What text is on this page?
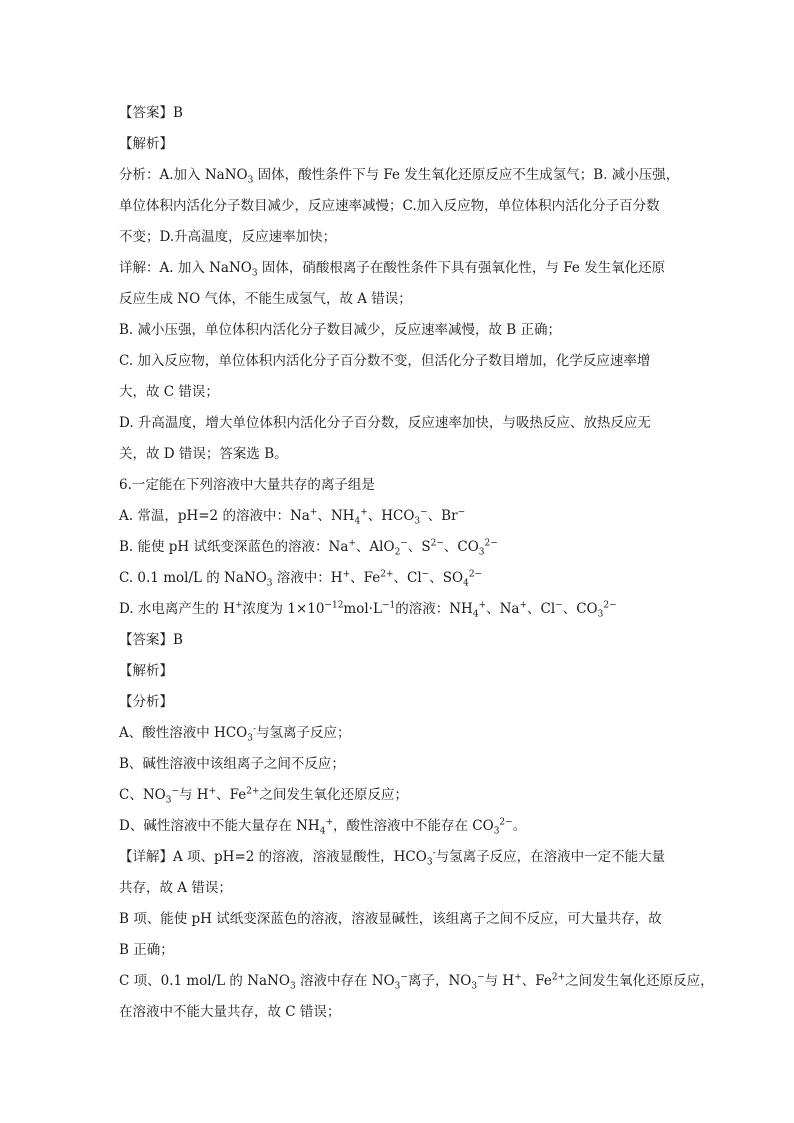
【答案】B
【解析】
分析：A.加入 NaNO$_3$ 固体，酸性条件下与 Fe 发生氧化还原反应不生成氢气；B. 减小压强，
单位体积内活化分子数目减少，反应速率减慢；C.加入反应物，单位体积内活化分子百分数
不变；D.升高温度，反应速率加快；
详解：A. 加入 NaNO$_3$ 固体，硝酸根离子在酸性条件下具有强氧化性，与 Fe 发生氧化还原
反应生成 NO 气体，不能生成氢气，故 A 错误；
B. 减小压强，单位体积内活化分子数目减少，反应速率减慢，故 B 正确；
C. 加入反应物，单位体积内活化分子百分数不变，但活化分子数目增加，化学反应速率增
大，故 C 错误；
D. 升高温度，增大单位体积内活化分子百分数，反应速率加快，与吸热反应、放热反应无
关，故 D 错误；答案选 B。
6.一定能在下列溶液中大量共存的离子组是
A. 常温，pH=2 的溶液中：Na+、$NH_4^+$、$HCO_3^-$、Br−
B. 能使 pH 试纸变深蓝色的溶液：Na+、AlO$_2$−、$S^{2-}$、$CO_3^{2-}$
C. 0.1 mol/L 的 NaNO$_3$ 溶液中：H+、$Fe^{2+}$、Cl−、$SO_4^{2-}$
D. 水电离产生的 H+浓度为 $1\times 10^{-12}mol\cdot L^{-1}$的溶液：$NH_4^+$、Na+、Cl−、$CO_3^{2-}$
【答案】B
【解析】
【分析】
A、酸性溶液中 $HCO_3^-$与氢离子反应；
B、碱性溶液中该组离子之间不反应；
C、$NO_3^-$与 H+、$Fe^{2+}$之间发生氧化还原反应；
D、碱性溶液中不能大量存在 $NH_4^+$，酸性溶液中不能存在 $CO_3^{2-}$。
【详解】A 项、pH=2 的溶液，溶液显酸性，$HCO_3^-$与氢离子反应，在溶液中一定不能大量
共存，故 A 错误；
B 项、能使 pH 试纸变深蓝色的溶液，溶液显碱性，该组离子之间不反应，可大量共存，故
B 正确；
C 项、0.1 mol/L 的 NaNO$_3$ 溶液中存在 $NO_3^-$离子，$NO_3^-$与 H+、$Fe^{2+}$之间发生氧化还原反应，
在溶液中不能大量共存，故 C 错误；
